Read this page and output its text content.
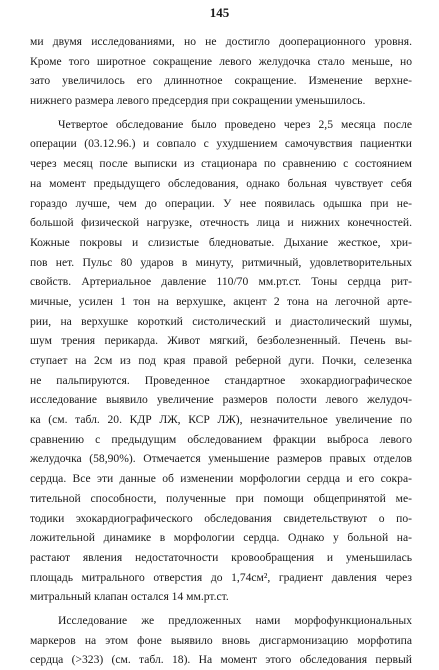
145
ми двумя исследованиями, но не достигло дооперационного уровня.
Кроме того широтное сокращение левого желудочка стало меньше, но
зато увеличилось его длиннотное сокращение. Изменение верхне-
нижнего размера левого предсердия при сокращении уменьшилось.
Четвертое обследование было проведено через 2,5 месяца после
операции (03.12.96.) и совпало с ухудшением самочувствия пациентки
через месяц после выписки из стационара по сравнению с состоянием
на момент предыдущего обследования, однако больная чувствует себя
гораздо лучше, чем до операции. У нее появилась одышка при не-
большой физической нагрузке, отечность лица и нижних конечностей.
Кожные покровы и слизистые бледноватые. Дыхание жесткое, хри-
пов нет. Пульс 80 ударов в минуту, ритмичный, удовлетворительных
свойств. Артериальное давление 110/70 мм.рт.ст. Тоны сердца рит-
мичные, усилен 1 тон на верхушке, акцент 2 тона на легочной арте-
рии, на верхушке короткий систолический и диастолический шумы,
шум трения перикарда. Живот мягкий, безболезненный. Печень вы-
ступает на 2см из под края правой реберной дуги. Почки, селезенка
не пальпируются. Проведенное стандартное эхокардиографическое
исследование выявило увеличение размеров полости левого желудоч-
ка (см. табл. 20. КДР ЛЖ, КСР ЛЖ), незначительное увеличение по
сравнению с предыдущим обследованием фракции выброса левого
желудочка (58,90%). Отмечается уменьшение размеров правых отделов
сердца. Все эти данные об изменении морфологии сердца и его сокра-
тительной способности, полученные при помощи общепринятой ме-
тодики эхокардиографического обследования свидетельствуют о по-
ложительной динамике в морфологии сердца. Однако у больной на-
растают явления недостаточности кровообращения и уменьшилась
площадь митрального отверстия до 1,74см², градиент давления через
митральный клапан остался 14 мм.рт.ст.
Исследование же предложенных нами морфофункциональных
маркеров на этом фоне выявило вновь дисгармонизацию морфотипа
сердца (>323) (см. табл. 18). На момент этого обследования первый
